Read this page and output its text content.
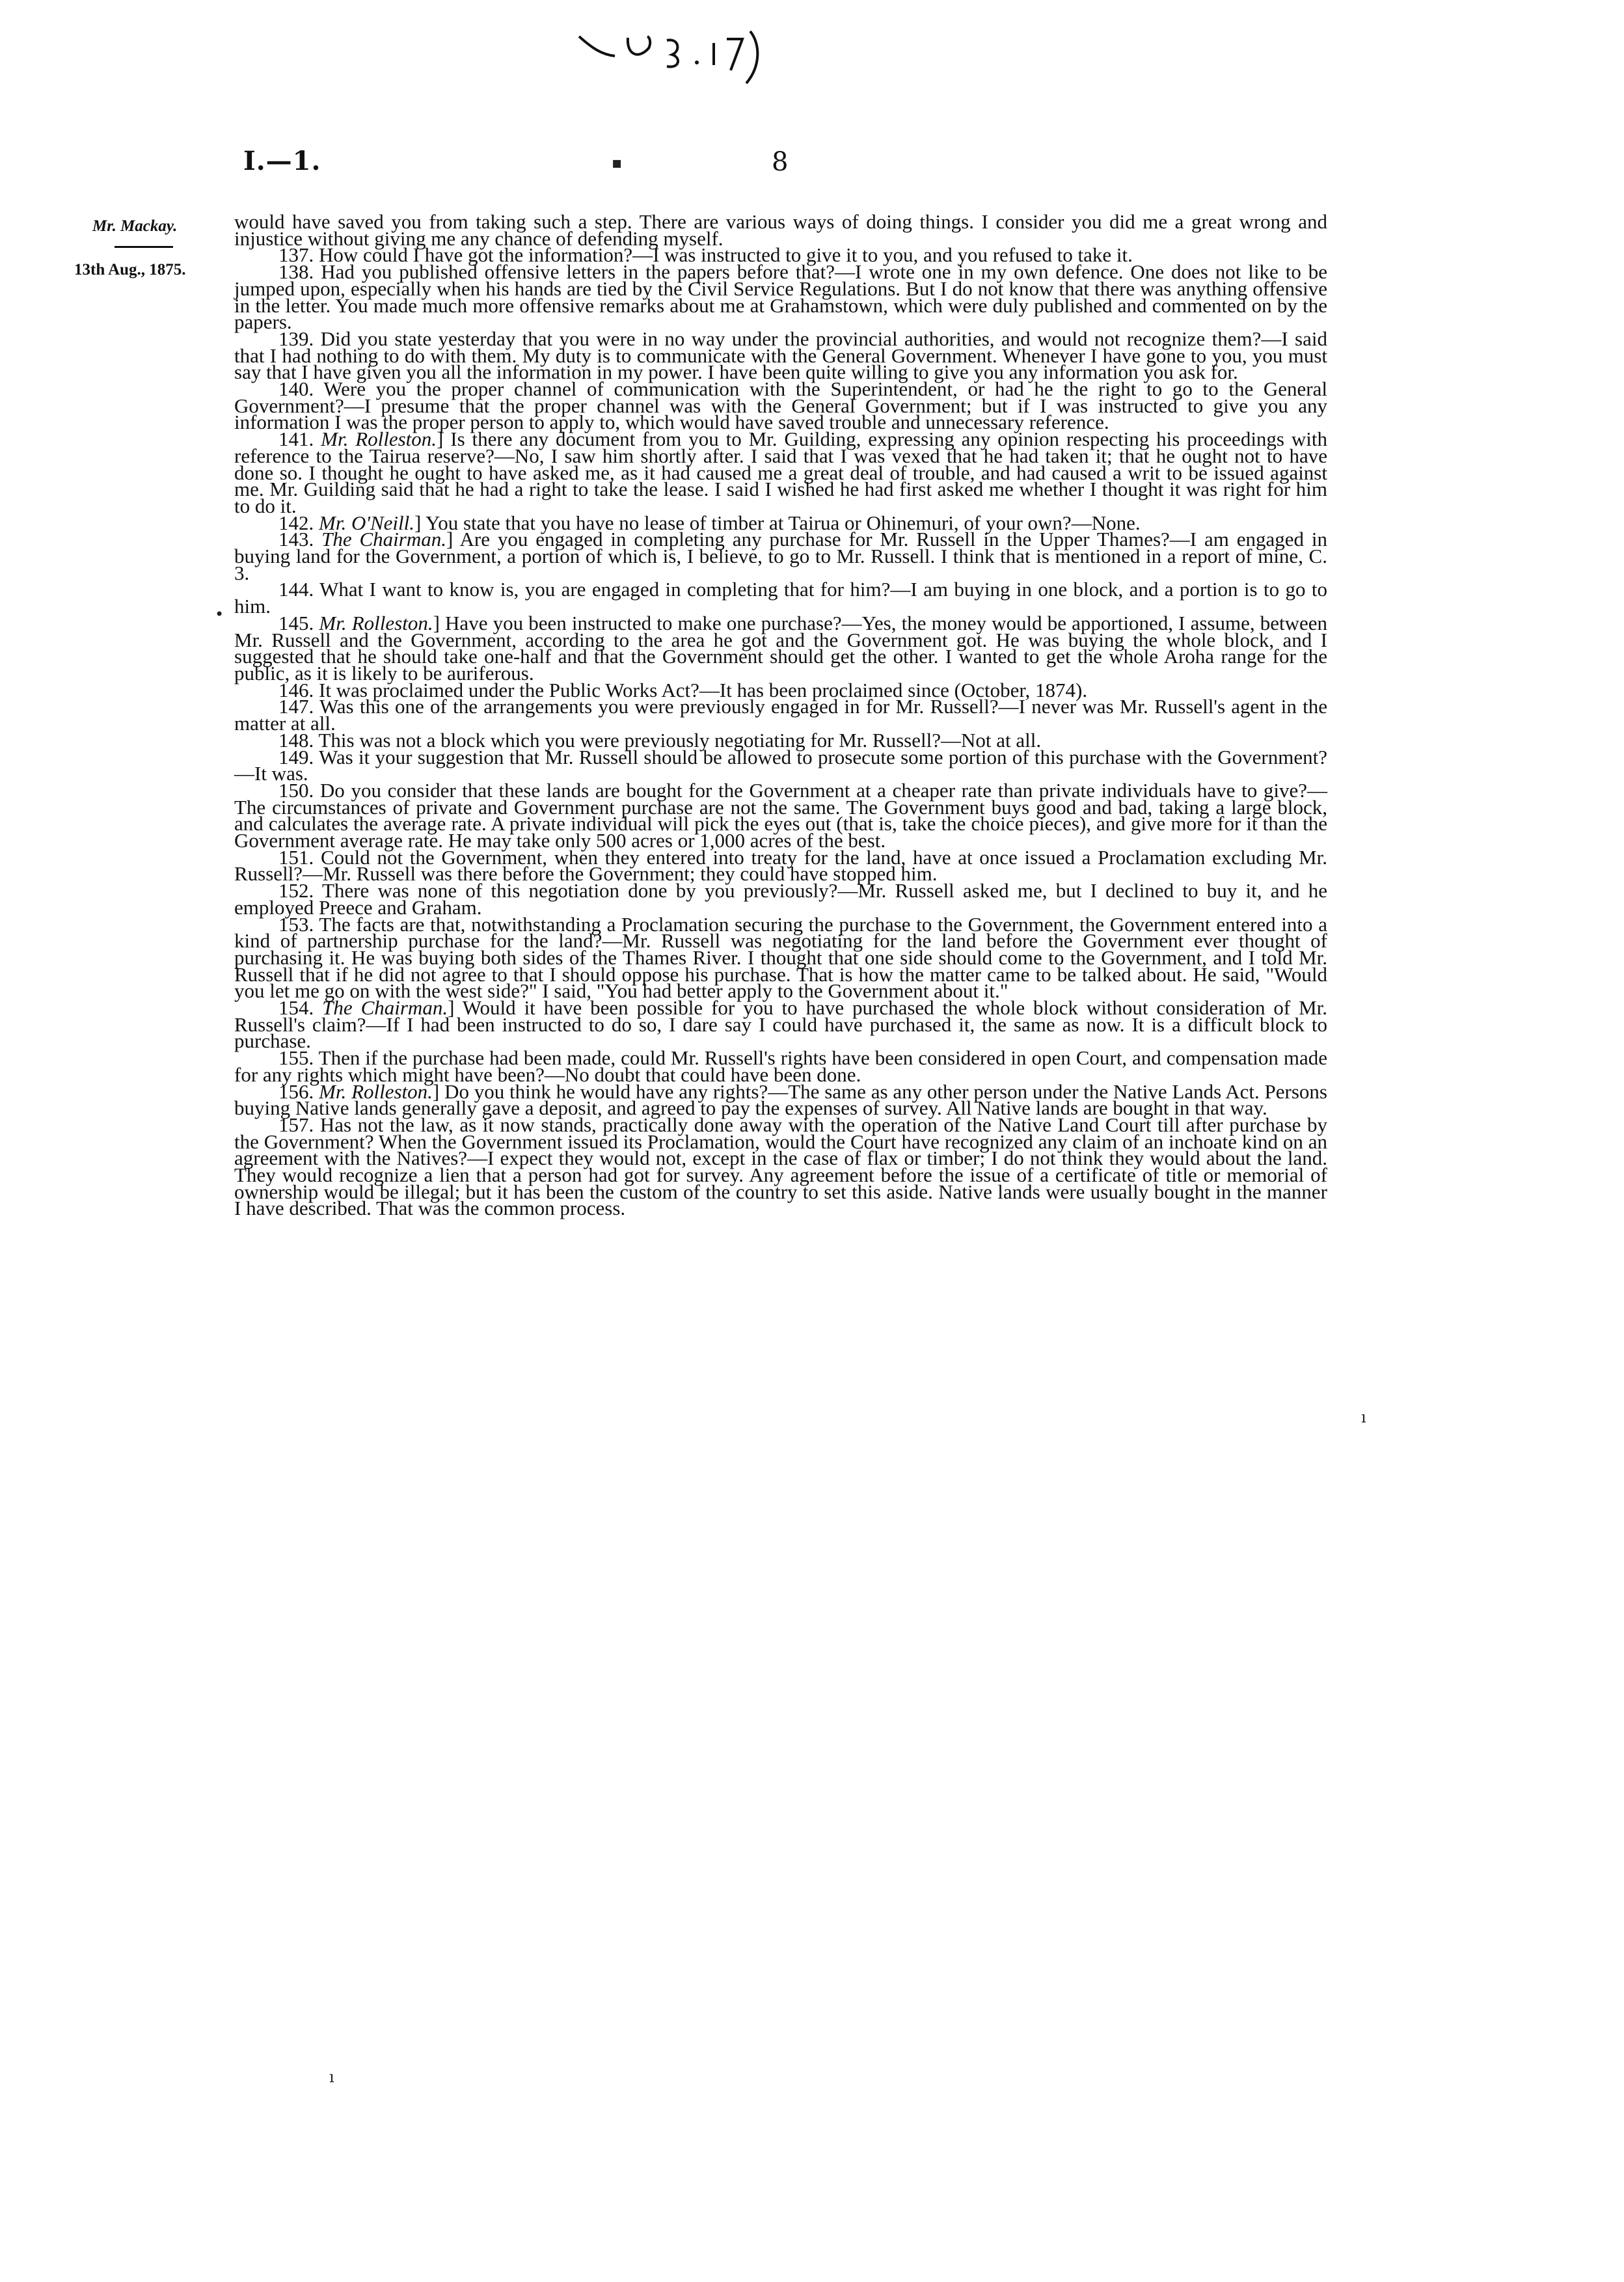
I.—1.	8
Mr. Mackay.
13th Aug., 1875.
▪
•
ı
ı

would have saved you from taking such a step. There are various ways of doing things. I consider you did me a great wrong and injustice without giving me any chance of defending myself.

137. How could I have got the information?—I was instructed to give it to you, and you refused to take it.

138. Had you published offensive letters in the papers before that?—I wrote one in my own defence. One does not like to be jumped upon, especially when his hands are tied by the Civil Service Regulations. But I do not know that there was anything offensive in the letter. You made much more offensive remarks about me at Grahamstown, which were duly published and commented on by the papers.

139. Did you state yesterday that you were in no way under the provincial authorities, and would not recognize them?—I said that I had nothing to do with them. My duty is to communicate with the General Government. Whenever I have gone to you, you must say that I have given you all the information in my power. I have been quite willing to give you any information you ask for.

140. Were you the proper channel of communication with the Superintendent, or had he the right to go to the General Government?—I presume that the proper channel was with the General Government; but if I was instructed to give you any information I was the proper person to apply to, which would have saved trouble and unnecessary reference.

141. Mr. Rolleston.] Is there any document from you to Mr. Guilding, expressing any opinion respecting his proceedings with reference to the Tairua reserve?—No, I saw him shortly after. I said that I was vexed that he had taken it; that he ought not to have done so. I thought he ought to have asked me, as it had caused me a great deal of trouble, and had caused a writ to be issued against me. Mr. Guilding said that he had a right to take the lease. I said I wished he had first asked me whether I thought it was right for him to do it.

142. Mr. O'Neill.] You state that you have no lease of timber at Tairua or Ohinemuri, of your own?—None.

143. The Chairman.] Are you engaged in completing any purchase for Mr. Russell in the Upper Thames?—I am engaged in buying land for the Government, a portion of which is, I believe, to go to Mr. Russell. I think that is mentioned in a report of mine, C. 3.

144. What I want to know is, you are engaged in completing that for him?—I am buying in one block, and a portion is to go to him.

145. Mr. Rolleston.] Have you been instructed to make one purchase?—Yes, the money would be apportioned, I assume, between Mr. Russell and the Government, according to the area he got and the Government got. He was buying the whole block, and I suggested that he should take one-half and that the Government should get the other. I wanted to get the whole Aroha range for the public, as it is likely to be auriferous.

146. It was proclaimed under the Public Works Act?—It has been proclaimed since (October, 1874).

147. Was this one of the arrangements you were previously engaged in for Mr. Russell?—I never was Mr. Russell's agent in the matter at all.

148. This was not a block which you were previously negotiating for Mr. Russell?—Not at all.

149. Was it your suggestion that Mr. Russell should be allowed to prosecute some portion of this purchase with the Government?—It was.

150. Do you consider that these lands are bought for the Government at a cheaper rate than private individuals have to give?—The circumstances of private and Government purchase are not the same. The Government buys good and bad, taking a large block, and calculates the average rate. A private individual will pick the eyes out (that is, take the choice pieces), and give more for it than the Government average rate. He may take only 500 acres or 1,000 acres of the best.

151. Could not the Government, when they entered into treaty for the land, have at once issued a Proclamation excluding Mr. Russell?—Mr. Russell was there before the Government; they could have stopped him.

152. There was none of this negotiation done by you previously?—Mr. Russell asked me, but I declined to buy it, and he employed Preece and Graham.

153. The facts are that, notwithstanding a Proclamation securing the purchase to the Government, the Government entered into a kind of partnership purchase for the land?—Mr. Russell was negotiating for the land before the Government ever thought of purchasing it. He was buying both sides of the Thames River. I thought that one side should come to the Government, and I told Mr. Russell that if he did not agree to that I should oppose his purchase. That is how the matter came to be talked about. He said, "Would you let me go on with the west side?" I said, "You had better apply to the Government about it."

154. The Chairman.] Would it have been possible for you to have purchased the whole block without consideration of Mr. Russell's claim?—If I had been instructed to do so, I dare say I could have purchased it, the same as now. It is a difficult block to purchase.

155. Then if the purchase had been made, could Mr. Russell's rights have been considered in open Court, and compensation made for any rights which might have been?—No doubt that could have been done.

156. Mr. Rolleston.] Do you think he would have any rights?—The same as any other person under the Native Lands Act. Persons buying Native lands generally gave a deposit, and agreed to pay the expenses of survey. All Native lands are bought in that way.

157. Has not the law, as it now stands, practically done away with the operation of the Native Land Court till after purchase by the Government? When the Government issued its Proclamation, would the Court have recognized any claim of an inchoate kind on an agreement with the Natives?—I expect they would not, except in the case of flax or timber; I do not think they would about the land. They would recognize a lien that a person had got for survey. Any agreement before the issue of a certificate of title or memorial of ownership would be illegal; but it has been the custom of the country to set this aside. Native lands were usually bought in the manner I have described. That was the common process.
